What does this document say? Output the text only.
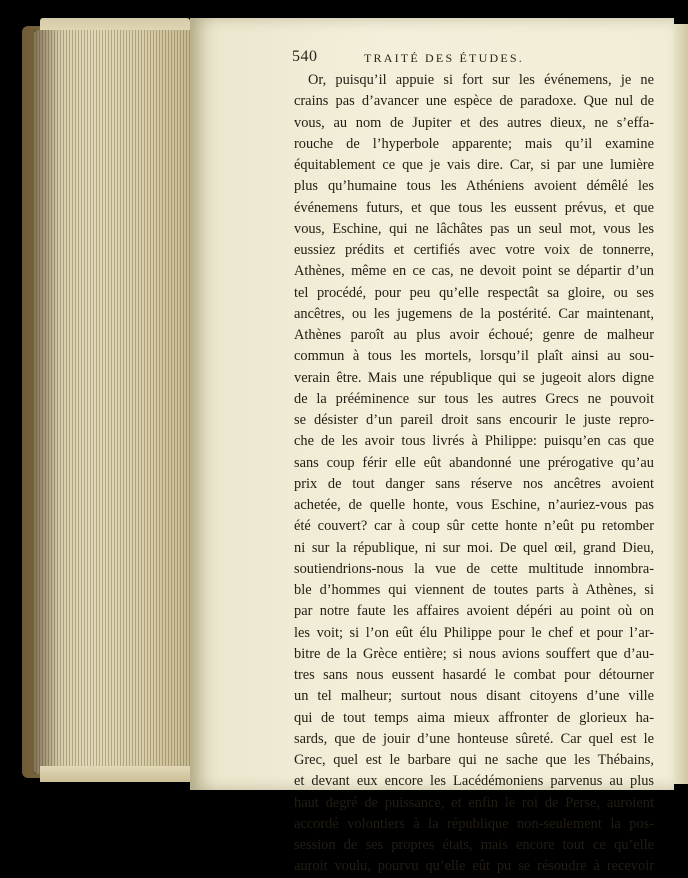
540	TRAITÉ DES ÉTUDES.
Or, puisqu’il appuie si fort sur les événemens, je ne
crains pas d’avancer une espèce de paradoxe. Que nul de
vous, au nom de Jupiter et des autres dieux, ne s’effa-
rouche de l’hyperbole apparente; mais qu’il examine
équitablement ce que je vais dire. Car, si par une lumière
plus qu’humaine tous les Athéniens avoient démêlé les
événemens futurs, et que tous les eussent prévus, et que
vous, Eschine, qui ne lâchâtes pas un seul mot, vous les
eussiez prédits et certifiés avec votre voix de tonnerre,
Athènes, même en ce cas, ne devoit point se départir d’un
tel procédé, pour peu qu’elle respectât sa gloire, ou ses
ancêtres, ou les jugemens de la postérité. Car maintenant,
Athènes paroît au plus avoir échoué; genre de malheur
commun à tous les mortels, lorsqu’il plaît ainsi au sou-
verain être. Mais une république qui se jugeoit alors digne
de la prééminence sur tous les autres Grecs ne pouvoit
se désister d’un pareil droit sans encourir le juste repro-
che de les avoir tous livrés à Philippe: puisqu’en cas que
sans coup férir elle eût abandonné une prérogative qu’au
prix de tout danger sans réserve nos ancêtres avoient
achetée, de quelle honte, vous Eschine, n’auriez-vous pas
été couvert? car à coup sûr cette honte n’eût pu retomber
ni sur la république, ni sur moi. De quel œil, grand Dieu,
soutiendrions-nous la vue de cette multitude innombra-
ble d’hommes qui viennent de toutes parts à Athènes, si
par notre faute les affaires avoient dépéri au point où on
les voit; si l’on eût élu Philippe pour le chef et pour l’ar-
bitre de la Grèce entière; si nous avions souffert que d’au-
tres sans nous eussent hasardé le combat pour détourner
un tel malheur; surtout nous disant citoyens d’une ville
qui de tout temps aima mieux affronter de glorieux ha-
sards, que de jouir d’une honteuse sûreté. Car quel est le
Grec, quel est le barbare qui ne sache que les Thébains,
et devant eux encore les Lacédémoniens parvenus au plus
haut degré de puissance, et enfin le roi de Perse, auroient
accordé volontiers à la république non-seulement la pos-
session de ses propres états, mais encore tout ce qu’elle
auroit voulu, pourvu qu’elle eût pu se résoudre à recevoir
